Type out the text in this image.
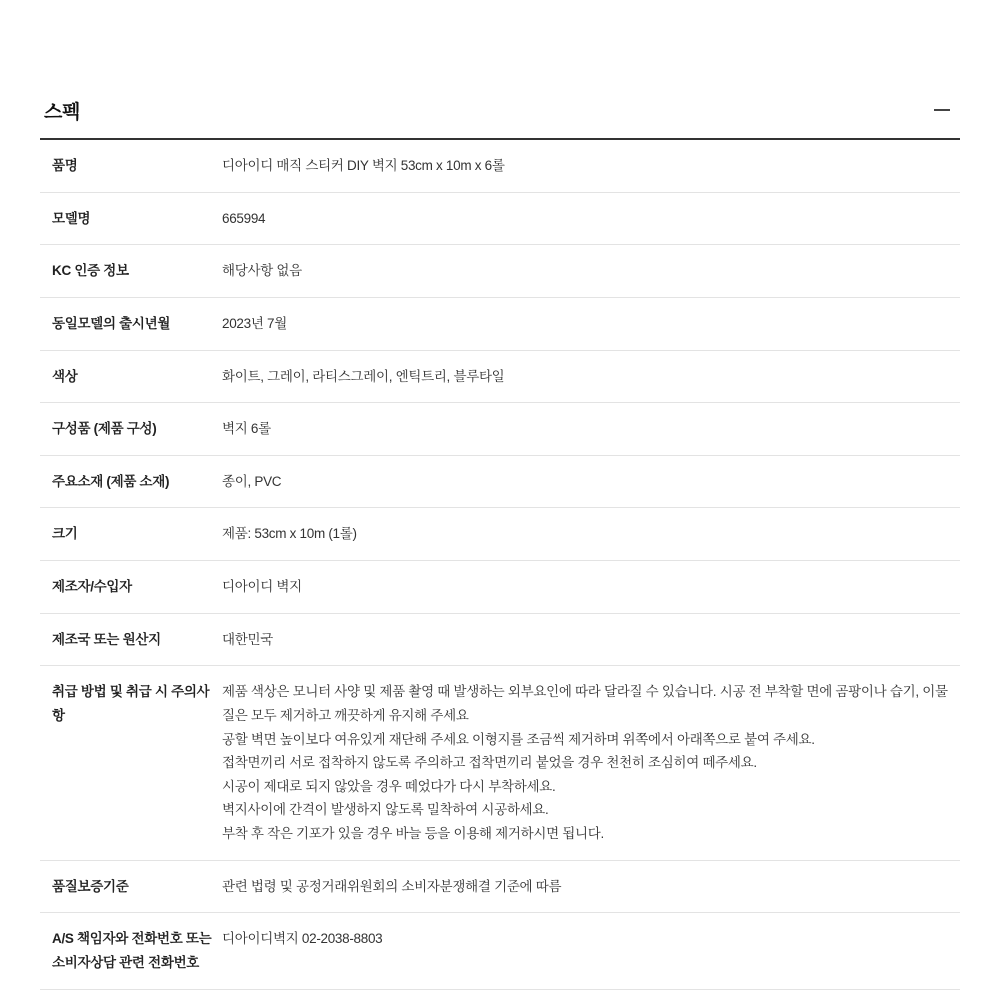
스펙
품명	디아이디 매직 스티커 DIY 벽지 53cm x 10m x 6롤

모델명	665994

KC 인증 정보	해당사항 없음

동일모델의 출시년월	2023년 7월

색상	화이트, 그레이, 라티스그레이, 엔틱트리, 블루타일

구성품 (제품 구성)	벽지 6롤

주요소재 (제품 소재)	종이, PVC

크기	제품: 53cm x 10m (1롤)

제조자/수입자	디아이디 벽지

제조국 또는 원산지	대한민국

취급 방법 및 취급 시 주의사항	
제품 색상은 모니터 사양 및 제품 촬영 때 발생하는 외부요인에 따라 달라질 수 있습니다. 시공 전 부착할 면에 곰팡이나 습기, 이물질은 모두 제거하고 깨끗하게 유지해 주세요
공할 벽면 높이보다 여유있게 재단해 주세요 이형지를 조금씩 제거하며 위쪽에서 아래쪽으로 붙여 주세요.
접착면끼리 서로 접착하지 않도록 주의하고 접착면끼리 붙었을 경우 천천히 조심히여 떼주세요.
시공이 제대로 되지 않았을 경우 떼었다가 다시 부착하세요.
벽지사이에 간격이 발생하지 않도록 밀착하여 시공하세요.
부착 후 작은 기포가 있을 경우 바늘 등을 이용해 제거하시면 됩니다.

품질보증기준	관련 법령 및 공정거래위원회의 소비자분쟁해결 기준에 따름

A/S 책임자와 전화번호 또는 소비자상담 관련 전화번호	디아이디벽지 02-2038-8803
